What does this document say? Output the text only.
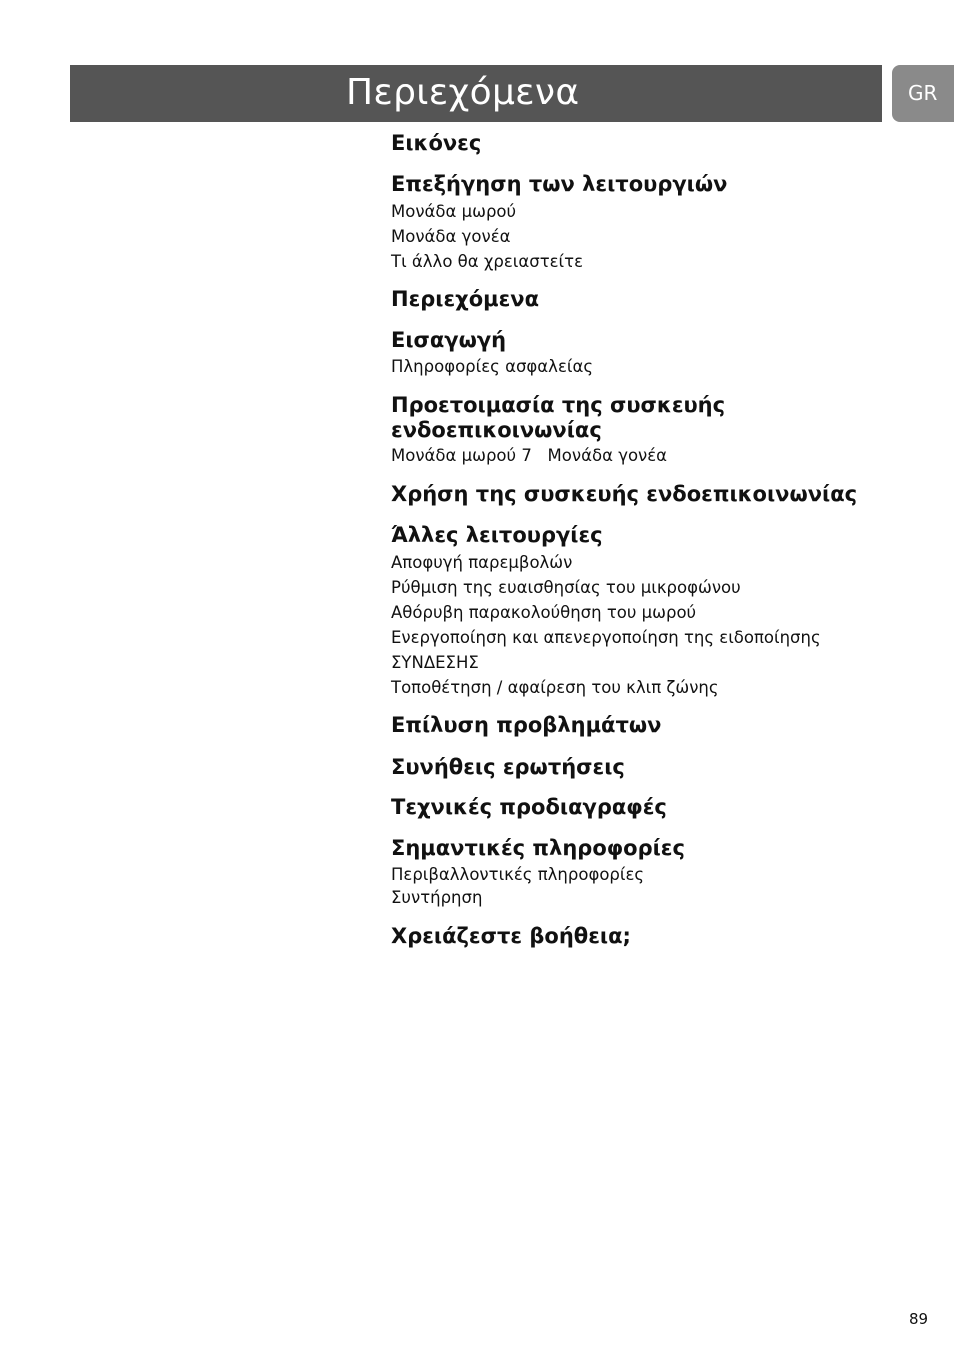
Περιεχόμενα	GR
Εικόνες
Επεξήγηση των λειτουργιών
Μονάδα μωρού
Μονάδα γονέα
Τι άλλο θα χρειαστείτε
Περιεχόμενα
Εισαγωγή
Πληροφορίες ασφαλείας
Προετοιμασία της συσκευής
ενδοεπικοινωνίας
Μονάδα μωρού 7   Μονάδα γονέα
Χρήση της συσκευής ενδοεπικοινωνίας
Άλλες λειτουργίες
Αποφυγή παρεμβολών
Ρύθμιση της ευαισθησίας του μικροφώνου
Αθόρυβη παρακολούθηση του μωρού
Ενεργοποίηση και απενεργοποίηση της ειδοποίησης
ΣΥΝΔΕΣΗΣ
Τοποθέτηση / αφαίρεση του κλιπ ζώνης
Επίλυση προβλημάτων
Συνήθεις ερωτήσεις
Τεχνικές προδιαγραφές
Σημαντικές πληροφορίες
Περιβαλλοντικές πληροφορίες
Συντήρηση
Χρειάζεστε βοήθεια;
89
